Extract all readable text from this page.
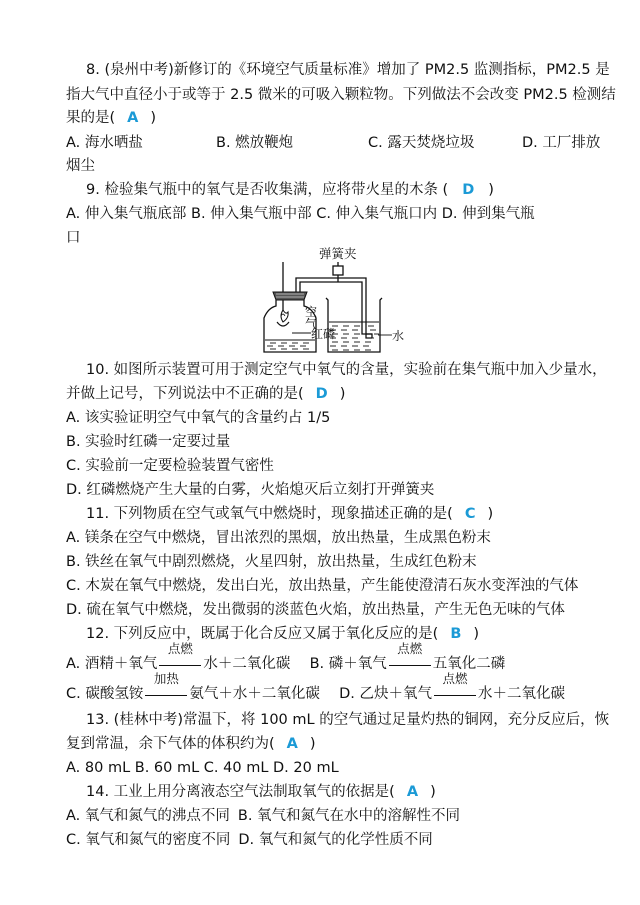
8. (泉州中考)新修订的《环境空气质量标准》增加了 PM2.5 监测指标，PM2.5 是
指大气中直径小于或等于 2.5 微米的可吸入颗粒物。下列做法不会改变 PM2.5 检测结
果的是( A )
A. 海水晒盐	B. 燃放鞭炮	C. 露天焚烧垃圾	D. 工厂排放
烟尘
9. 检验集气瓶中的氧气是否收集满，应将带火星的木条 ( D )
A. 伸入集气瓶底部 B. 伸入集气瓶中部 C. 伸入集气瓶口内 D. 伸到集气瓶
口
弹簧夹
空
气
红磷	水
10. 如图所示装置可用于测定空气中氧气的含量，实验前在集气瓶中加入少量水，
并做上记号，下列说法中不正确的是( D )
A. 该实验证明空气中氧气的含量约占 1/5
B. 实验时红磷一定要过量
C. 实验前一定要检验装置气密性
D. 红磷燃烧产生大量的白雾，火焰熄灭后立刻打开弹簧夹
11. 下列物质在空气或氧气中燃烧时，现象描述正确的是( C )
A. 镁条在空气中燃烧，冒出浓烈的黑烟，放出热量，生成黑色粉末
B. 铁丝在氧气中剧烈燃烧，火星四射，放出热量，生成红色粉末
C. 木炭在氧气中燃烧，发出白光，放出热量，产生能使澄清石灰水变浑浊的气体
D. 硫在氧气中燃烧，发出微弱的淡蓝色火焰，放出热量，产生无色无味的气体
12. 下列反应中，既属于化合反应又属于氧化反应的是( B )
A. 酒精＋氧气
点燃
水＋二氧化碳 B. 磷＋氧气
点燃
五氧化二磷
C. 碳酸氢铵
加热
氨气＋水＋二氧化碳 D. 乙炔＋氧气
点燃
水＋二氧化碳
13. (桂林中考)常温下，将 100 mL 的空气通过足量灼热的铜网，充分反应后，恢
复到常温，余下气体的体积约为( A )
A. 80 mL B. 60 mL C. 40 mL D. 20 mL
14. 工业上用分离液态空气法制取氧气的依据是( A )
A. 氧气和氮气的沸点不同 B. 氧气和氮气在水中的溶解性不同
C. 氧气和氮气的密度不同 D. 氧气和氮气的化学性质不同
